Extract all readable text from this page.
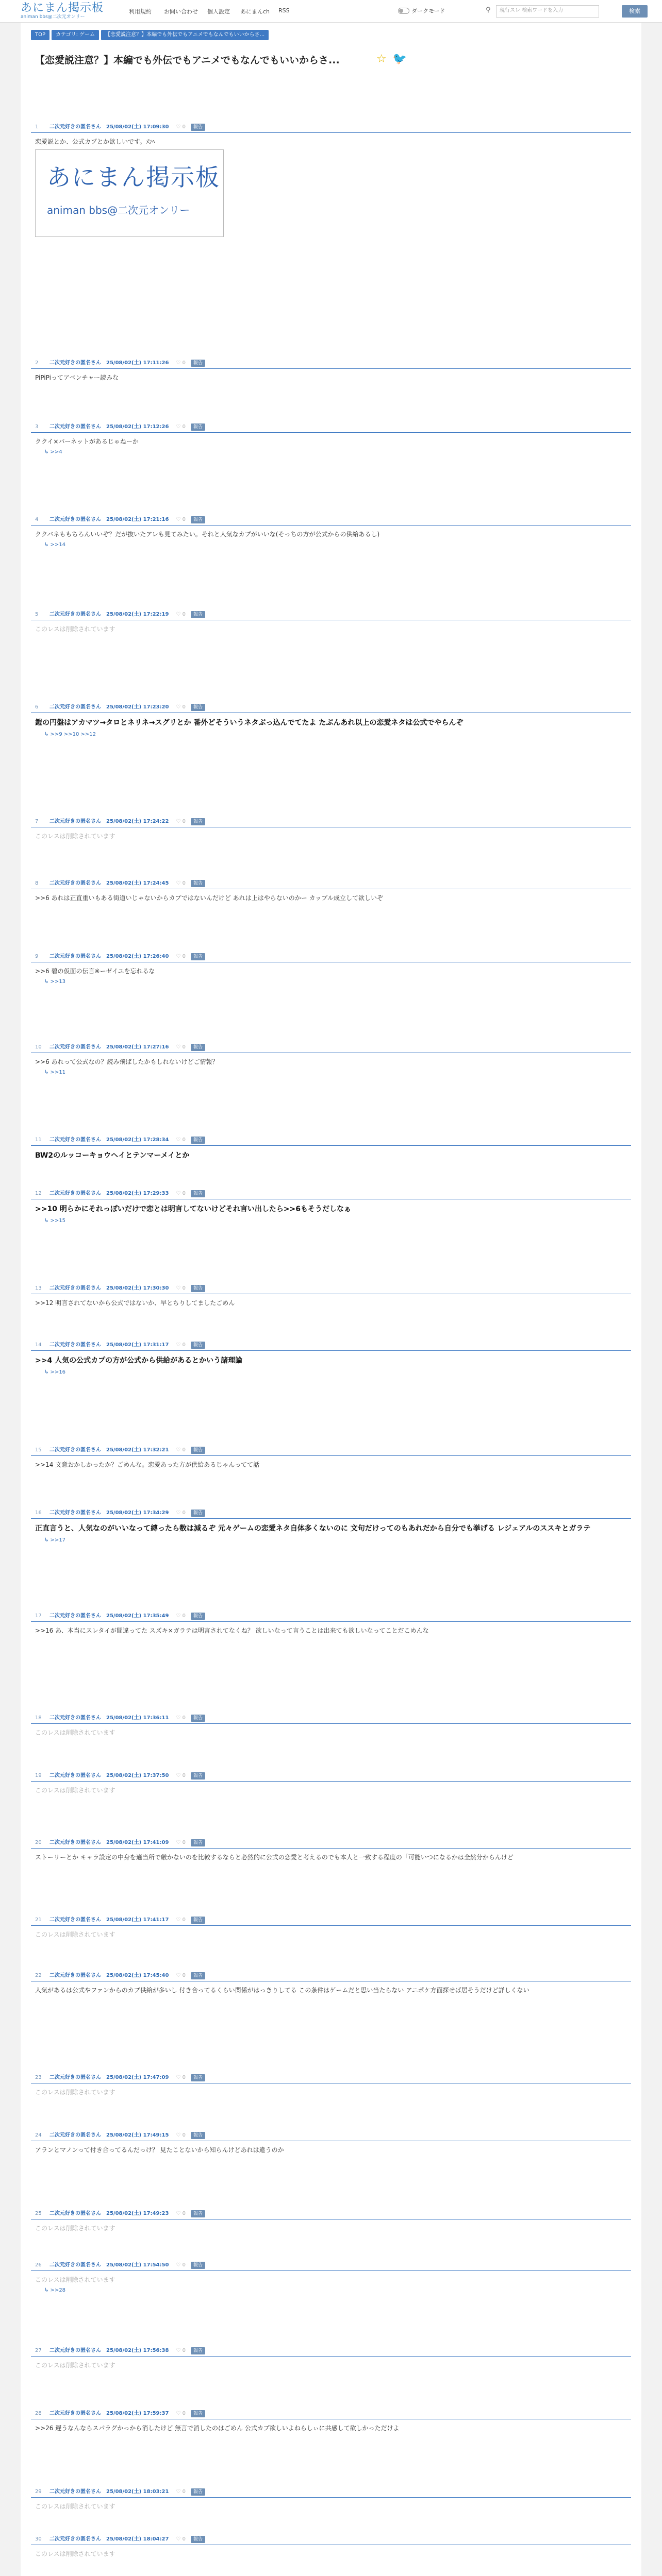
あにまん掲示板
animan bbs@二次元オンリー
利用規約 お問い合わせ 個人設定 あにまんch RSS	ダークモード	⚲	現行スレ 検索ワードを入力	検索
TOP	カテゴリ: ゲーム	【恋愛説注意？】本編でも外伝でもアニメでもなんでもいいからさ...
【恋愛説注意？】本編でも外伝でもアニメでもなんでもいいからさ...	☆ 🐦
1	二次元好きの匿名さん 25/08/02(土) 17:09:30 ♡ 0	報告
恋愛説とか、公式カプとか欲しいです。ﾒﾝﾍ
あにまん掲示板
animan bbs@二次元オンリー
2	二次元好きの匿名さん 25/08/02(土) 17:11:26 ♡ 0	報告
PiPiPiってアベンチャー読みな
3	二次元好きの匿名さん 25/08/02(土) 17:12:26 ♡ 0	報告
ククイ×バーネットがあるじゃねーか
↳ >>4
4	二次元好きの匿名さん 25/08/02(土) 17:21:16 ♡ 0	報告
ククバネももちろんいいぞ？だが抜いたアレも見てみたい。それと人気なカプがいいな(そっちの方が公式からの供給あるし)
↳ >>14
5	二次元好きの匿名さん 25/08/02(土) 17:22:19 ♡ 0	報告
このレスは削除されています
6	二次元好きの匿名さん 25/08/02(土) 17:23:20 ♡ 0	報告
鎧の円盤はアカマツ→タロとネリネ→スグリとか 番外どそういうネタぶっ込んでてたよ たぶんあれ以上の恋愛ネタは公式でやらんぞ
↳ >>9 >>10 >>12
7	二次元好きの匿名さん 25/08/02(土) 17:24:22 ♡ 0	報告
このレスは削除されています
8	二次元好きの匿名さん 25/08/02(土) 17:24:45 ♡ 0	報告
>>6 あれは正直重いもある街道いじゃないからカプではないんだけど あれは上はやらないのかー カップル成立して欲しいぞ
9	二次元好きの匿名さん 25/08/02(土) 17:26:40 ♡ 0	報告
>>6 碧の仮面の伝言※ーゼイユを忘れるな
↳ >>13
10	二次元好きの匿名さん 25/08/02(土) 17:27:16 ♡ 0	報告
>>6 あれって公式なの？読み飛ばしたかもしれないけどご情報？
↳ >>11
11	二次元好きの匿名さん 25/08/02(土) 17:28:34 ♡ 0	報告
BW2のルッコーキョウヘイとテンマーメイとか
12	二次元好きの匿名さん 25/08/02(土) 17:29:33 ♡ 0	報告
>>10 明らかにそれっぽいだけで恋とは明言してないけどそれ言い出したら>>6もそうだしなぁ
↳ >>15
13	二次元好きの匿名さん 25/08/02(土) 17:30:30 ♡ 0	報告
>>12 明言されてないから公式ではないか、早とちりしてましたごめん
14	二次元好きの匿名さん 25/08/02(土) 17:31:17 ♡ 0	報告
>>4 人気の公式カプの方が公式から供給があるとかいう諸理論
↳ >>16
15	二次元好きの匿名さん 25/08/02(土) 17:32:21 ♡ 0	報告
>>14 文意おかしかったか？ごめんな。恋愛あった方が供給あるじゃんってて話
16	二次元好きの匿名さん 25/08/02(土) 17:34:29 ♡ 0	報告
正直言うと、人気なのがいいなって縛ったら数は減るぞ 元々ゲームの恋愛ネタ自体多くないのに 文句だけってのもあれだから自分でも挙げる レジェアルのススキとガラテ
↳ >>17
17	二次元好きの匿名さん 25/08/02(土) 17:35:49 ♡ 0	報告
>>16 あ、本当にスレタイが間違ってた スズキ×ガラテは明言されてなくね？ 欲しいなって言うことは出来ても欲しいなってことだこめんな
18	二次元好きの匿名さん 25/08/02(土) 17:36:11 ♡ 0	報告
このレスは削除されています
19	二次元好きの匿名さん 25/08/02(土) 17:37:50 ♡ 0	報告
このレスは削除されています
20	二次元好きの匿名さん 25/08/02(土) 17:41:09 ♡ 0	報告
ストーリーとか キャラ設定の中身を適当所で厳かないのを比較するならと必然的に公式の恋愛と考えるのでも本人と一致する程度の「可能いつになるかは全然分からんけど
21	二次元好きの匿名さん 25/08/02(土) 17:41:17 ♡ 0	報告
このレスは削除されています
22	二次元好きの匿名さん 25/08/02(土) 17:45:40 ♡ 0	報告
人気があるは公式やファンからのカプ供給が多いし 付き合ってるくらい関係がはっきりしてる この条件はゲームだと思い当たらない アニポケ方面探せば居そうだけど詳しくない
23	二次元好きの匿名さん 25/08/02(土) 17:47:09 ♡ 0	報告
このレスは削除されています
24	二次元好きの匿名さん 25/08/02(土) 17:49:15 ♡ 0	報告
アランとマノンって付き合ってるんだっけ？ 見たことないから知らんけどあれは違うのか
25	二次元好きの匿名さん 25/08/02(土) 17:49:23 ♡ 0	報告
このレスは削除されています
26	二次元好きの匿名さん 25/08/02(土) 17:54:50 ♡ 0	報告
このレスは削除されています
↳ >>28
27	二次元好きの匿名さん 25/08/02(土) 17:56:38 ♡ 0	報告
このレスは削除されています
28	二次元好きの匿名さん 25/08/02(土) 17:59:37 ♡ 0	報告
>>26 遅うなんならスパラグかっから消したけど 無言で消したのはごめん 公式カプ欲しいよねらしぃに共感して欲しかっただけよ
29	二次元好きの匿名さん 25/08/02(土) 18:03:21 ♡ 0	報告
このレスは削除されています
30	二次元好きの匿名さん 25/08/02(土) 18:04:27 ♡ 0	報告
このレスは削除されています
